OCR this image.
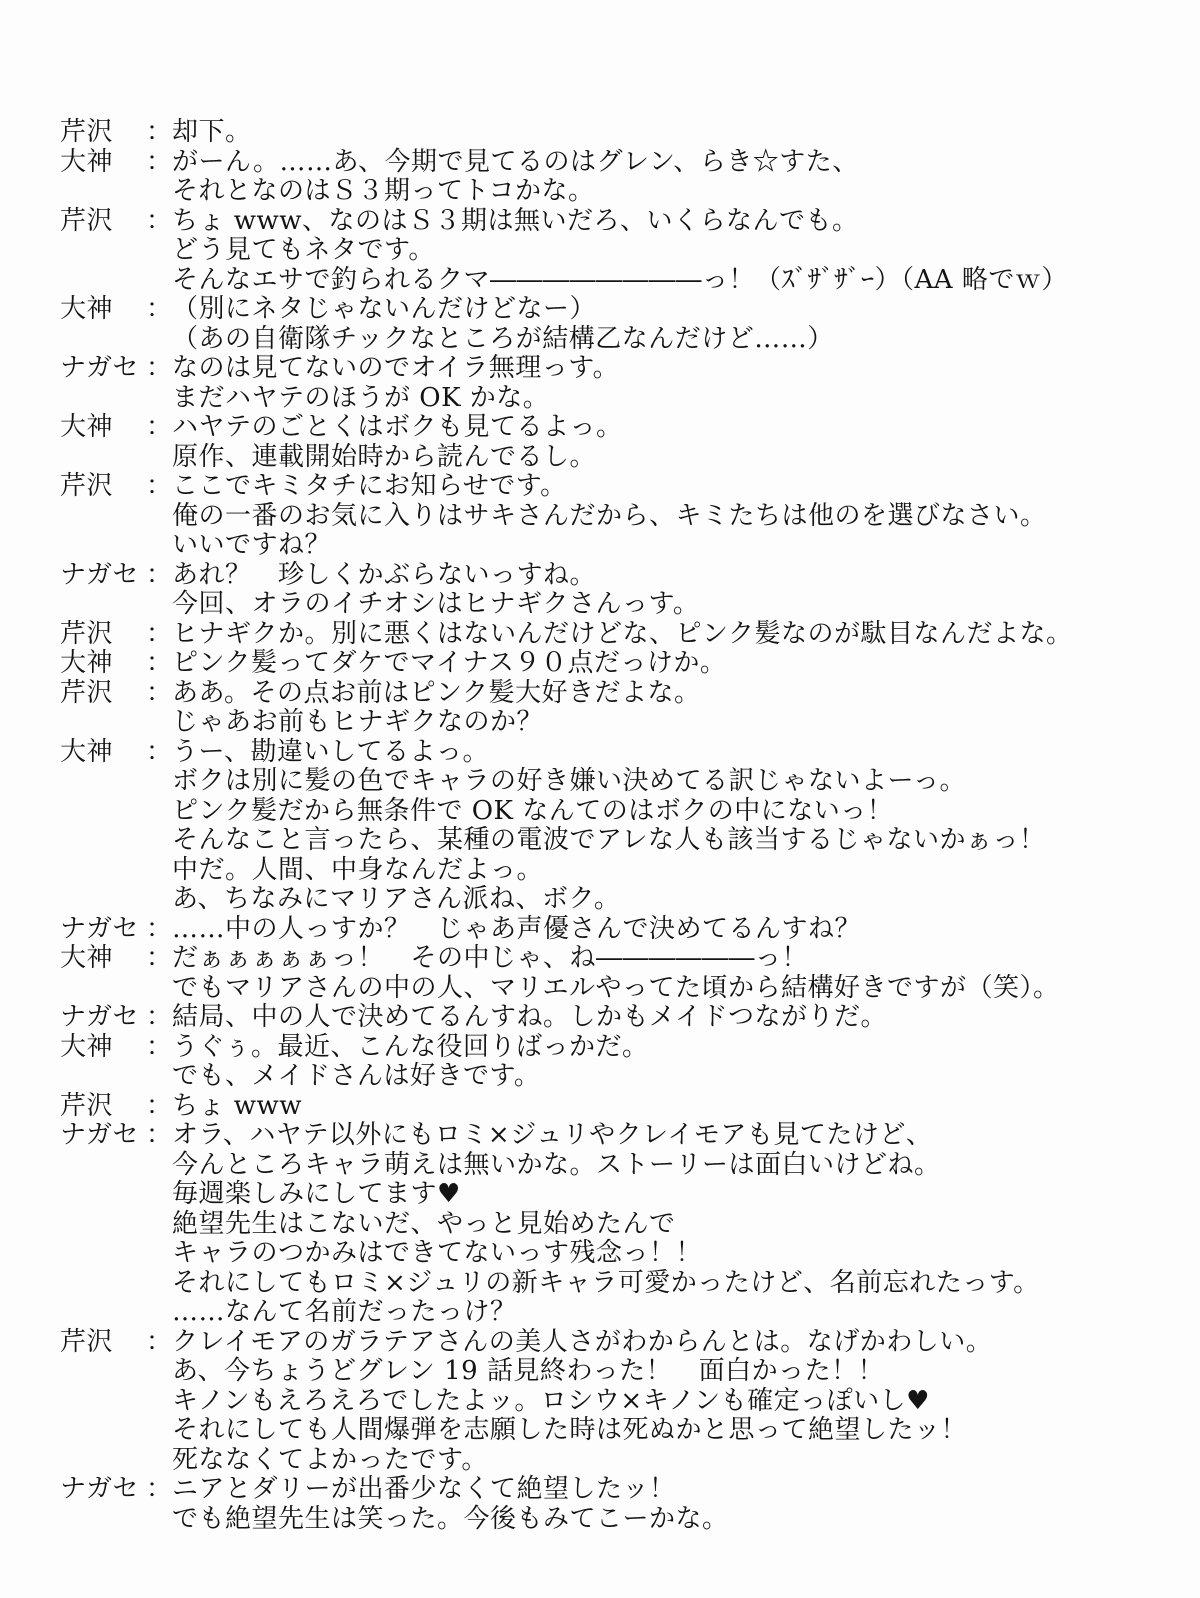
芹沢	： 却下。
大神	： がーん。……あ、今期で見てるのはグレン、らき☆すた、
それとなのはＳ３期ってトコかな。
芹沢	： ちょ www、なのはＳ３期は無いだろ、いくらなんでも。
どう見てもネタです。
そんなエサで釣られるクマ――――――――っ！（ｽﾞｻﾞｻﾞｰ）（AA 略でｗ）
大神	： （別にネタじゃないんだけどなー）
（あの自衛隊チックなところが結構乙なんだけど……）
ナガセ ： なのは見てないのでオイラ無理っす。
まだハヤテのほうが OK かな。
大神	： ハヤテのごとくはボクも見てるよっ。
原作、連載開始時から読んでるし。
芹沢	： ここでキミタチにお知らせです。
俺の一番のお気に入りはサキさんだから、キミたちは他のを選びなさい。
いいですね？
ナガセ ： あれ？　珍しくかぶらないっすね。
今回、オラのイチオシはヒナギクさんっす。
芹沢	： ヒナギクか。別に悪くはないんだけどな、ピンク髪なのが駄目なんだよな。
大神	： ピンク髪ってダケでマイナス９０点だっけか。
芹沢	： ああ。その点お前はピンク髪大好きだよな。
じゃあお前もヒナギクなのか？
大神	： うー、勘違いしてるよっ。
ボクは別に髪の色でキャラの好き嫌い決めてる訳じゃないよーっ。
ピンク髪だから無条件で OK なんてのはボクの中にないっ！
そんなこと言ったら、某種の電波でアレな人も該当するじゃないかぁっ！
中だ。人間、中身なんだよっ。
あ、ちなみにマリアさん派ね、ボク。
ナガセ ： ……中の人っすか？　じゃあ声優さんで決めてるんすね？
大神	： だぁぁぁぁぁっ！　その中じゃ、ね――――――っ！
でもマリアさんの中の人、マリエルやってた頃から結構好きですが（笑）。
ナガセ ： 結局、中の人で決めてるんすね。しかもメイドつながりだ。
大神	： うぐぅ。最近、こんな役回りばっかだ。
でも、メイドさんは好きです。
芹沢	： ちょ www
ナガセ ： オラ、ハヤテ以外にもロミ×ジュリやクレイモアも見てたけど、
今んところキャラ萌えは無いかな。ストーリーは面白いけどね。
毎週楽しみにしてます♥
絶望先生はこないだ、やっと見始めたんで
キャラのつかみはできてないっす残念っ！！
それにしてもロミ×ジュリの新キャラ可愛かったけど、名前忘れたっす。
……なんて名前だったっけ？
芹沢	： クレイモアのガラテアさんの美人さがわからんとは。なげかわしい。
あ、今ちょうどグレン 19 話見終わった！　面白かった！！
キノンもえろえろでしたよッ。ロシウ×キノンも確定っぽいし♥
それにしても人間爆弾を志願した時は死ぬかと思って絶望したッ！
死ななくてよかったです。
ナガセ ： ニアとダリーが出番少なくて絶望したッ！
でも絶望先生は笑った。今後もみてこーかな。
